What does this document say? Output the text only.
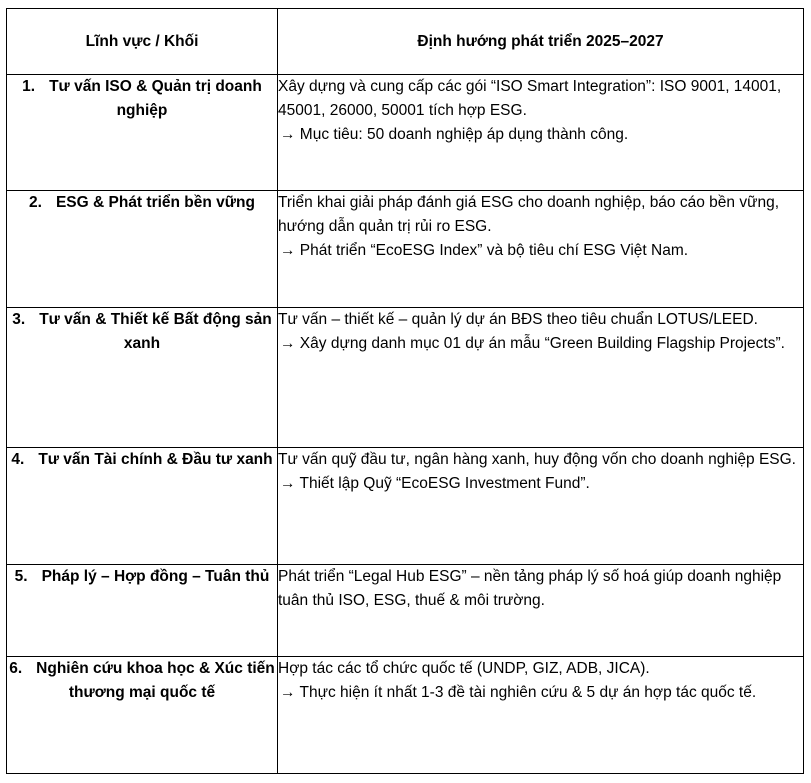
Lĩnh vực / Khối	Định hướng phát triển 2025–2027
1. Tư vấn ISO & Quản trị doanh nghiệp	Xây dựng và cung cấp các gói “ISO Smart Integration”: ISO 9001, 14001, 45001, 26000, 50001 tích hợp ESG.
→ Mục tiêu: 50 doanh nghiệp áp dụng thành công.

2. ESG & Phát triển bền vững	Triển khai giải pháp đánh giá ESG cho doanh nghiệp, báo cáo bền vững, hướng dẫn quản trị rủi ro ESG.
→ Phát triển “EcoESG Index” và bộ tiêu chí ESG Việt Nam.

3. Tư vấn & Thiết kế Bất động sản xanh	Tư vấn – thiết kế – quản lý dự án BĐS theo tiêu chuẩn LOTUS/LEED.
→ Xây dựng danh mục 01 dự án mẫu “Green Building Flagship Projects”.

4. Tư vấn Tài chính & Đầu tư xanh	Tư vấn quỹ đầu tư, ngân hàng xanh, huy động vốn cho doanh nghiệp ESG.
→ Thiết lập Quỹ “EcoESG Investment Fund”.

5. Pháp lý – Hợp đồng – Tuân thủ	Phát triển “Legal Hub ESG” – nền tảng pháp lý số hoá giúp doanh nghiệp tuân thủ ISO, ESG, thuế & môi trường.

6. Nghiên cứu khoa học & Xúc tiến thương mại quốc tế	Hợp tác các tổ chức quốc tế (UNDP, GIZ, ADB, JICA).
→ Thực hiện ít nhất 1-3 đề tài nghiên cứu & 5 dự án hợp tác quốc tế.
